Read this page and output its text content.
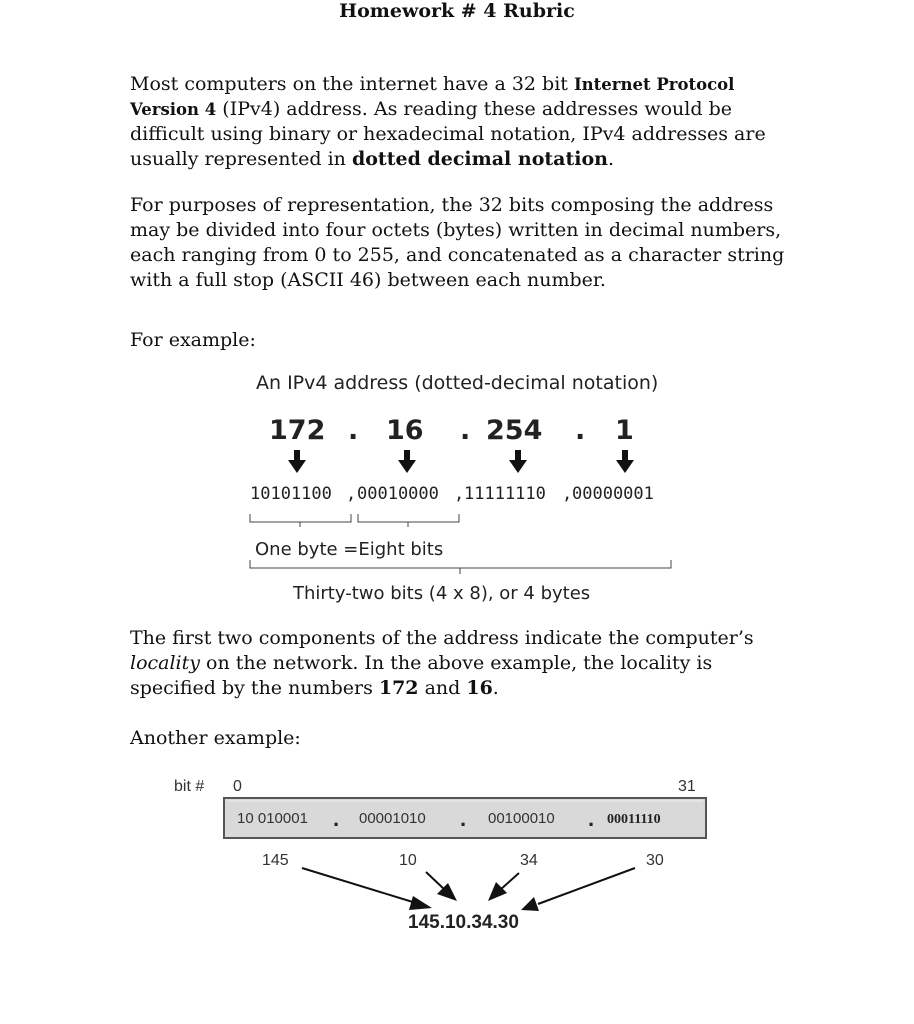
Homework # 4 Rubric

Most computers on the internet have a 32 bit Internet Protocol Version 4 (IPv4) address. As reading these addresses would be difficult using binary or hexadecimal notation, IPv4 addresses are usually represented in dotted decimal notation.

For purposes of representation, the 32 bits composing the address may be divided into four octets (bytes) written in decimal numbers, each ranging from 0 to 255, and concatenated as a character string with a full stop (ASCII 46) between each number.

For example:

An IPv4 address (dotted-decimal notation)
172 . 16 . 254 . 1
10101100 , 00010000 , 11111110 , 00000001
One byte =Eight bits
Thirty-two bits (4 x 8), or 4 bytes

The first two components of the address indicate the computer’s locality on the network. In the above example, the locality is specified by the numbers 172 and 16.

Another example:

bit # 0	31
10 010001 . 00001010 . 00100010 . 00011110
145	10	34	30
145.10.34.30
